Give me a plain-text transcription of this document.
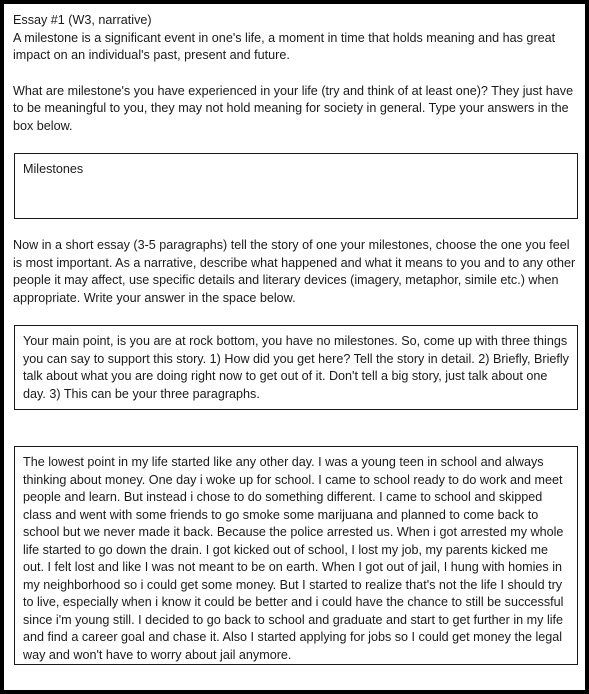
Essay #1 (W3, narrative)

A milestone is a significant event in one's life, a moment in time that holds meaning and has great impact on an individual's past, present and future.

What are milestone's you have experienced in your life (try and think of at least one)? They just have to be meaningful to you, they may not hold meaning for society in general. Type your answers in the box below.

Milestones

Now in a short essay (3-5 paragraphs) tell the story of one your milestones, choose the one you feel is most important. As a narrative, describe what happened and what it means to you and to any other people it may affect, use specific details and literary devices (imagery, metaphor, simile etc.) when appropriate. Write your answer in the space below.

Your main point, is you are at rock bottom, you have no milestones. So, come up with three things you can say to support this story. 1) How did you get here? Tell the story in detail. 2) Briefly, Briefly talk about what you are doing right now to get out of it. Don't tell a big story, just talk about one day. 3) This can be your three paragraphs.

The lowest point in my life started like any other day. I was a young teen in school and always thinking about money. One day i woke up for school. I came to school ready to do work and meet people and learn. But instead i chose to do something different. I came to school and skipped class and went with some friends to go smoke some marijuana and planned to come back to school but we never made it back. Because the police arrested us. When i got arrested my whole life started to go down the drain. I got kicked out of school, I lost my job, my parents kicked me out. I felt lost and like I was not meant to be on earth. When I got out of jail, I hung with homies in my neighborhood so i could get some money. But I started to realize that's not the life I should try to live, especially when i know it could be better and i could have the chance to still be successful since i'm young still. I decided to go back to school and graduate and start to get further in my life and find a career goal and chase it. Also I started applying for jobs so I could get money the legal way and won't have to worry about jail anymore.
